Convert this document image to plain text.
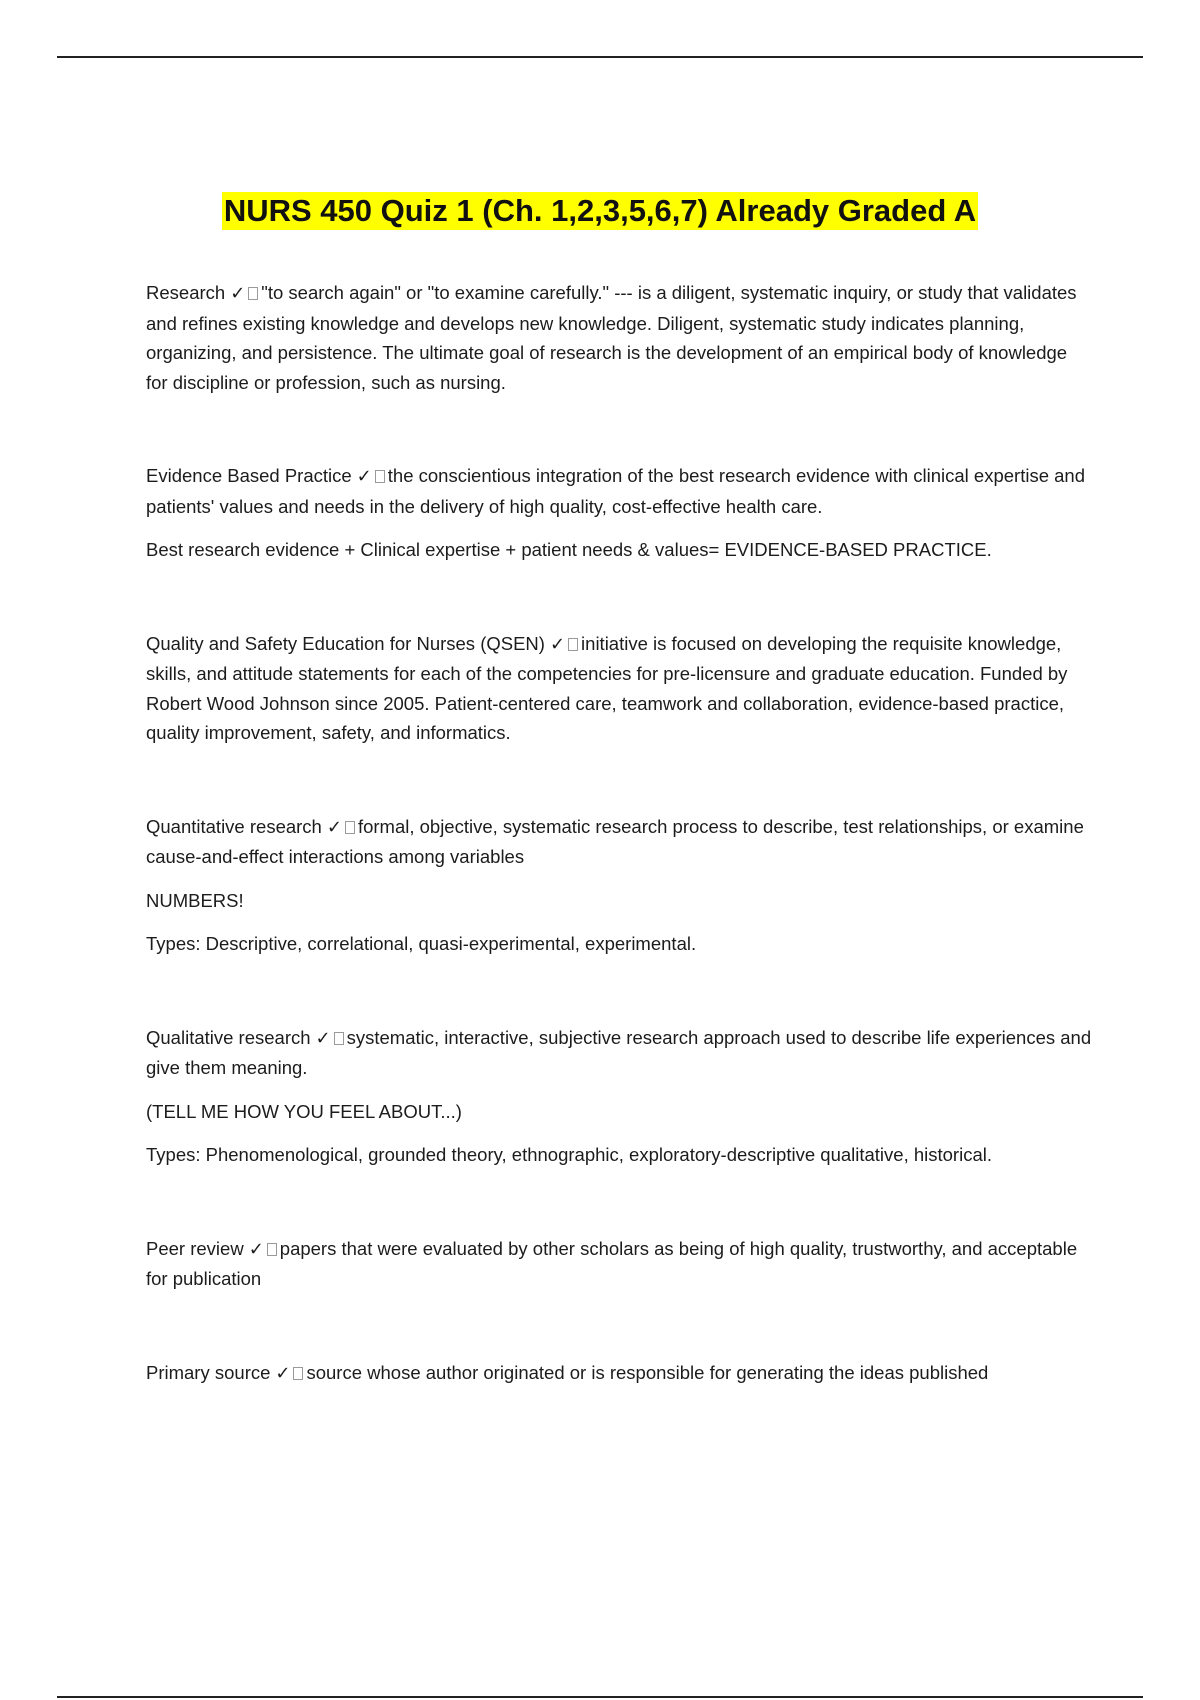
NURS 450 Quiz 1 (Ch. 1,2,3,5,6,7) Already Graded A

Research ✓ "to search again" or "to examine carefully." --- is a diligent, systematic inquiry, or study that validates and refines existing knowledge and develops new knowledge. Diligent, systematic study indicates planning, organizing, and persistence. The ultimate goal of research is the development of an empirical body of knowledge for discipline or profession, such as nursing.

Evidence Based Practice ✓ the conscientious integration of the best research evidence with clinical expertise and patients' values and needs in the delivery of high quality, cost-effective health care.

Best research evidence + Clinical expertise + patient needs & values= EVIDENCE-BASED PRACTICE.

Quality and Safety Education for Nurses (QSEN) ✓ initiative is focused on developing the requisite knowledge, skills, and attitude statements for each of the competencies for pre-licensure and graduate education. Funded by Robert Wood Johnson since 2005. Patient-centered care, teamwork and collaboration, evidence-based practice, quality improvement, safety, and informatics.

Quantitative research ✓ formal, objective, systematic research process to describe, test relationships, or examine cause-and-effect interactions among variables

NUMBERS!

Types: Descriptive, correlational, quasi-experimental, experimental.

Qualitative research ✓ systematic, interactive, subjective research approach used to describe life experiences and give them meaning.

(TELL ME HOW YOU FEEL ABOUT...)

Types: Phenomenological, grounded theory, ethnographic, exploratory-descriptive qualitative, historical.

Peer review ✓ papers that were evaluated by other scholars as being of high quality, trustworthy, and acceptable for publication

Primary source ✓ source whose author originated or is responsible for generating the ideas published
